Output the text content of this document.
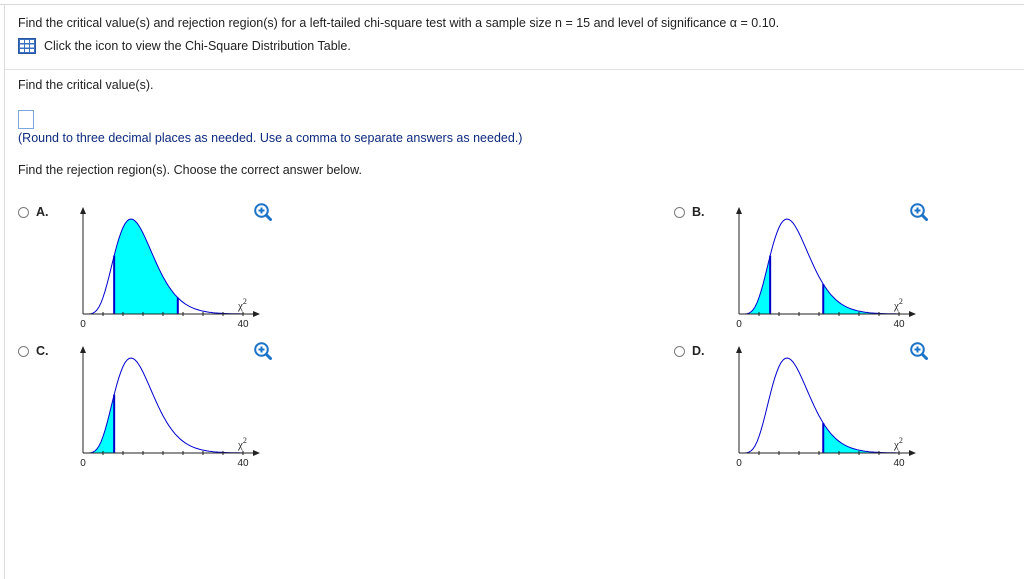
Find the critical value(s) and rejection region(s) for a left-tailed chi-square test with a sample size n = 15 and level of significance α = 0.10.
Click the icon to view the Chi-Square Distribution Table.
Find the critical value(s).
(Round to three decimal places as needed. Use a comma to separate answers as needed.)
Find the rejection region(s). Choose the correct answer below.
A.
0	40
$\chi^2$
B.
0	40
$\chi^2$
C.
0	40
$\chi^2$
D.
0	40
$\chi^2$
